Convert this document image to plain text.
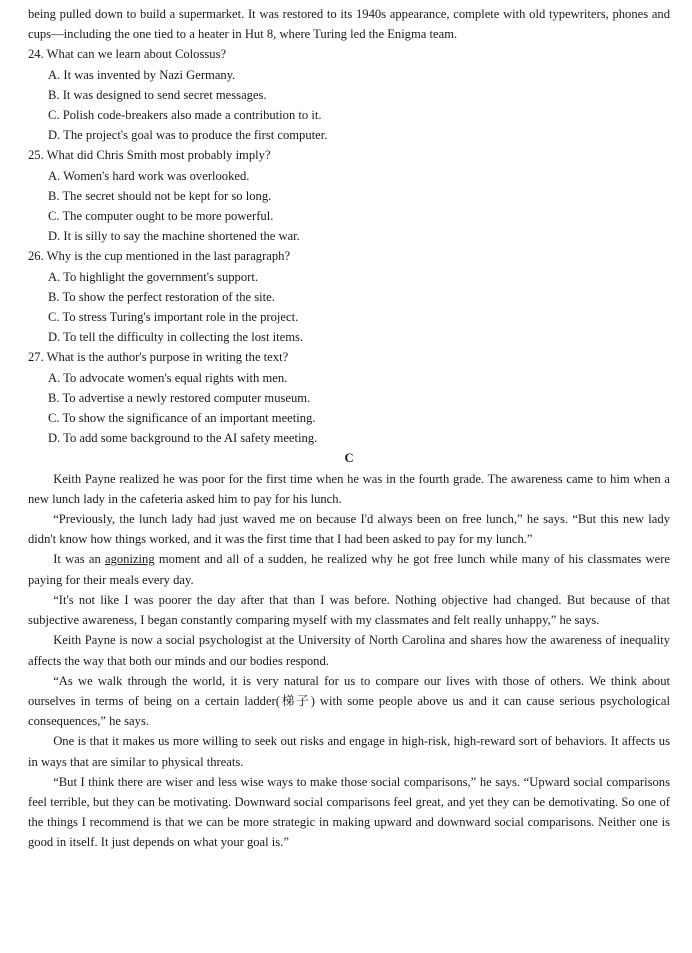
being pulled down to build a supermarket. It was restored to its 1940s appearance, complete with old typewriters, phones and cups—including the one tied to a heater in Hut 8, where Turing led the Enigma team.

24. What can we learn about Colossus?

A. It was invented by Nazi Germany.

B. It was designed to send secret messages.

C. Polish code-breakers also made a contribution to it.

D. The project's goal was to produce the first computer.

25. What did Chris Smith most probably imply?

A. Women's hard work was overlooked.

B. The secret should not be kept for so long.

C. The computer ought to be more powerful.

D. It is silly to say the machine shortened the war.

26. Why is the cup mentioned in the last paragraph?

A. To highlight the government's support.

B. To show the perfect restoration of the site.

C. To stress Turing's important role in the project.

D. To tell the difficulty in collecting the lost items.

27. What is the author's purpose in writing the text?

A. To advocate women's equal rights with men.

B. To advertise a newly restored computer museum.

C. To show the significance of an important meeting.

D. To add some background to the AI safety meeting.

C

Keith Payne realized he was poor for the first time when he was in the fourth grade. The awareness came to him when a new lunch lady in the cafeteria asked him to pay for his lunch.

“Previously, the lunch lady had just waved me on because I'd always been on free lunch,” he says. “But this new lady didn't know how things worked, and it was the first time that I had been asked to pay for my lunch.”

It was an agonizing moment and all of a sudden, he realized why he got free lunch while many of his classmates were paying for their meals every day.

“It's not like I was poorer the day after that than I was before. Nothing objective had changed. But because of that subjective awareness, I began constantly comparing myself with my classmates and felt really unhappy,” he says.

Keith Payne is now a social psychologist at the University of North Carolina and shares how the awareness of inequality affects the way that both our minds and our bodies respond.

“As we walk through the world, it is very natural for us to compare our lives with those of others. We think about ourselves in terms of being on a certain ladder(梯子) with some people above us and it can cause serious psychological consequences,” he says.

One is that it makes us more willing to seek out risks and engage in high-risk, high-reward sort of behaviors. It affects us in ways that are similar to physical threats.

“But I think there are wiser and less wise ways to make those social comparisons,” he says. “Upward social comparisons feel terrible, but they can be motivating. Downward social comparisons feel great, and yet they can be demotivating. So one of the things I recommend is that we can be more strategic in making upward and downward social comparisons. Neither one is good in itself. It just depends on what your goal is.”
